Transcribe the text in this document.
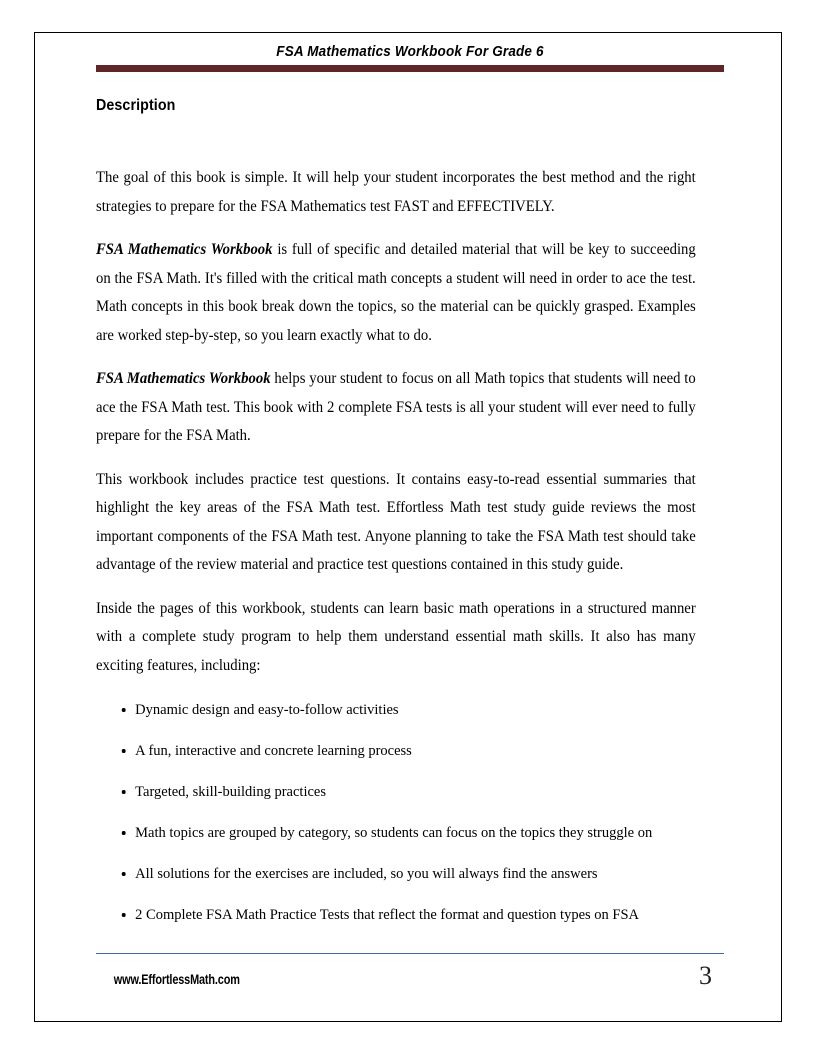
FSA Mathematics Workbook For Grade 6
Description

The goal of this book is simple. It will help your student incorporates the best method and the right strategies to prepare for the FSA Mathematics test FAST and EFFECTIVELY.

FSA Mathematics Workbook is full of specific and detailed material that will be key to succeeding on the FSA Math. It's filled with the critical math concepts a student will need in order to ace the test. Math concepts in this book break down the topics, so the material can be quickly grasped. Examples are worked step-by-step, so you learn exactly what to do.

FSA Mathematics Workbook helps your student to focus on all Math topics that students will need to ace the FSA Math test. This book with 2 complete FSA tests is all your student will ever need to fully prepare for the FSA Math.

This workbook includes practice test questions. It contains easy-to-read essential summaries that highlight the key areas of the FSA Math test. Effortless Math test study guide reviews the most important components of the FSA Math test. Anyone planning to take the FSA Math test should take advantage of the review material and practice test questions contained in this study guide.

Inside the pages of this workbook, students can learn basic math operations in a structured manner with a complete study program to help them understand essential math skills. It also has many exciting features, including:

Dynamic design and easy-to-follow activities
A fun, interactive and concrete learning process
Targeted, skill-building practices
Math topics are grouped by category, so students can focus on the topics they struggle on
All solutions for the exercises are included, so you will always find the answers
2 Complete FSA Math Practice Tests that reflect the format and question types on FSA
www.EffortlessMath.com	3
